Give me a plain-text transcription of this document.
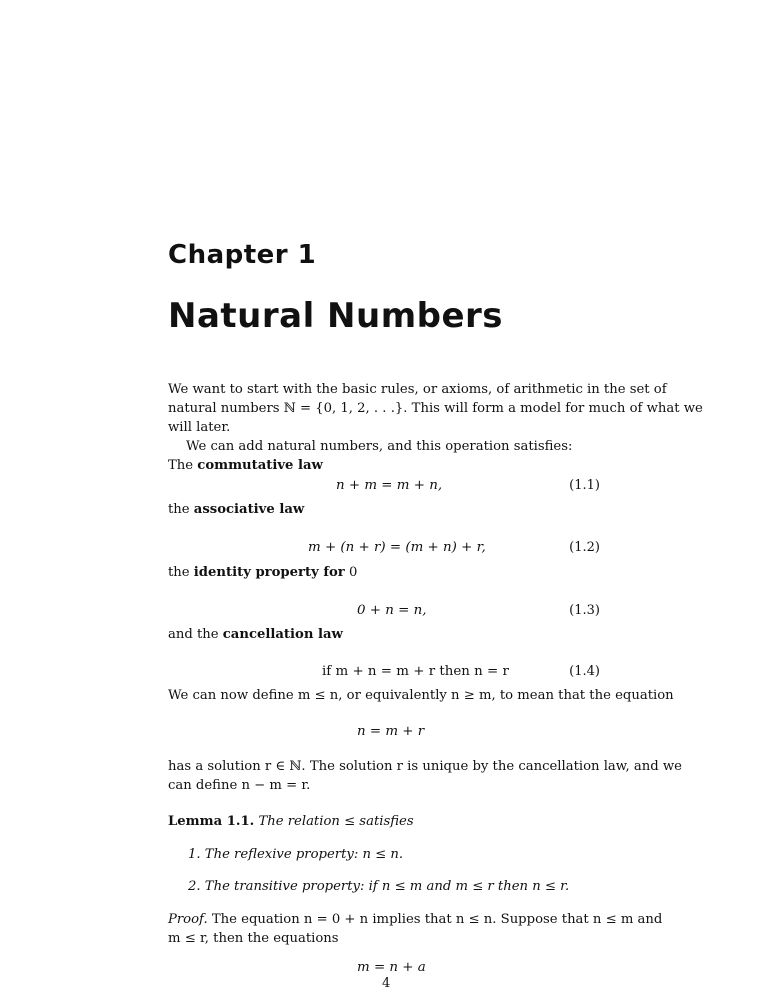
Chapter 1
Natural Numbers
We want to start with the basic rules, or axioms, of arithmetic in the set of
natural numbers ℕ = {0, 1, 2, . . .}. This will form a model for much of what we
will later.
We can add natural numbers, and this operation satisfies:
The commutative law
n + m = m + n,	(1.1)
the associative law
m + (n + r) = (m + n) + r,	(1.2)
the identity property for 0
0 + n = n,	(1.3)
and the cancellation law
if m + n = m + r then n = r	(1.4)
We can now define m ≤ n, or equivalently n ≥ m, to mean that the equation
n = m + r
has a solution r ∈ ℕ. The solution r is unique by the cancellation law, and we
can define n − m = r.
Lemma 1.1. The relation ≤ satisfies
1. The reflexive property: n ≤ n.
2. The transitive property: if n ≤ m and m ≤ r then n ≤ r.
Proof. The equation n = 0 + n implies that n ≤ n. Suppose that n ≤ m and
m ≤ r, then the equations
m = n + a
4
